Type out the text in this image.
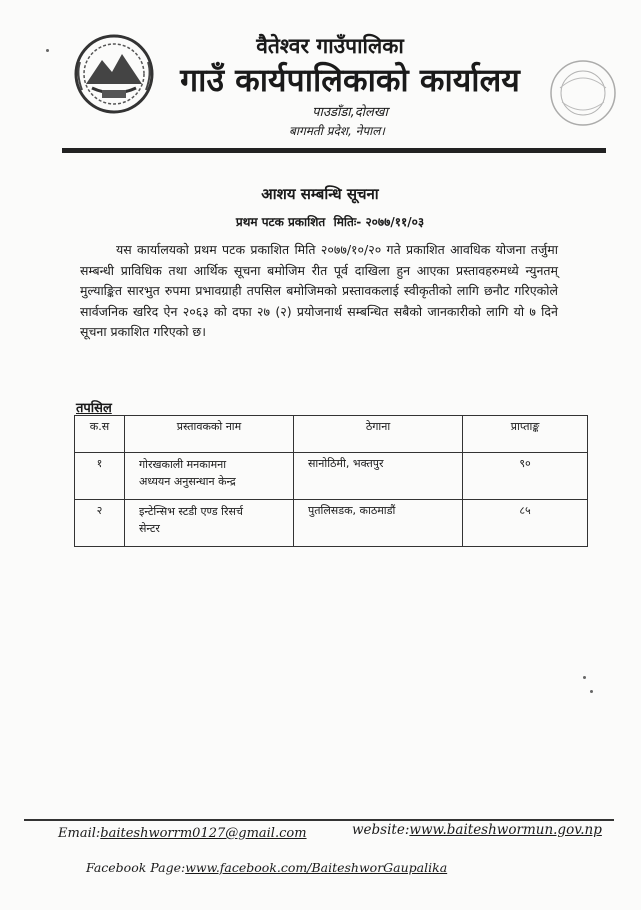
वैतेश्वर गाउँपालिका
गाउँ कार्यपालिकाको कार्यालय
पाउडाँडा,दोलखा
बागमती प्रदेश, नेपाल।
आशय सम्बन्धि सूचना
प्रथम पटक प्रकाशित मितिः- २०७७/११/०३
यस कार्यालयको प्रथम पटक प्रकाशित मिति २०७७/१०/२० गते प्रकाशित आवधिक योजना तर्जुमा सम्बन्धी प्राविधिक तथा आर्थिक सूचना बमोजिम रीत पूर्व दाखिला हुन आएका प्रस्तावहरुमध्ये न्युनतम् मुल्याङ्कित सारभुत रुपमा प्रभावग्राही तपसिल बमोजिमको प्रस्तावकलाई स्वीकृतीको लागि छनौट गरिएकोले सार्वजनिक खरिद ऐन २०६३ को दफा २७ (२) प्रयोजनार्थ सम्बन्धित सबैको जानकारीको लागि यो ७ दिने सूचना प्रकाशित गरिएको छ।
तपसिल
क.स	प्रस्तावकको नाम	ठेगाना	प्राप्ताङ्क
१	गोरखकाली मनकामना
अध्ययन अनुसन्धान केन्द्र	सानोठिमी, भक्तपुर	९०
२	इन्टेन्सिभ स्टडी एण्ड रिसर्च
सेन्टर	पुतलिसडक, काठमाडौं	८५
Email:baiteshworrm0127@gmail.com	website:www.baiteshwormun.gov.np
Facebook Page:www.facebook.com/BaiteshworGaupalika
